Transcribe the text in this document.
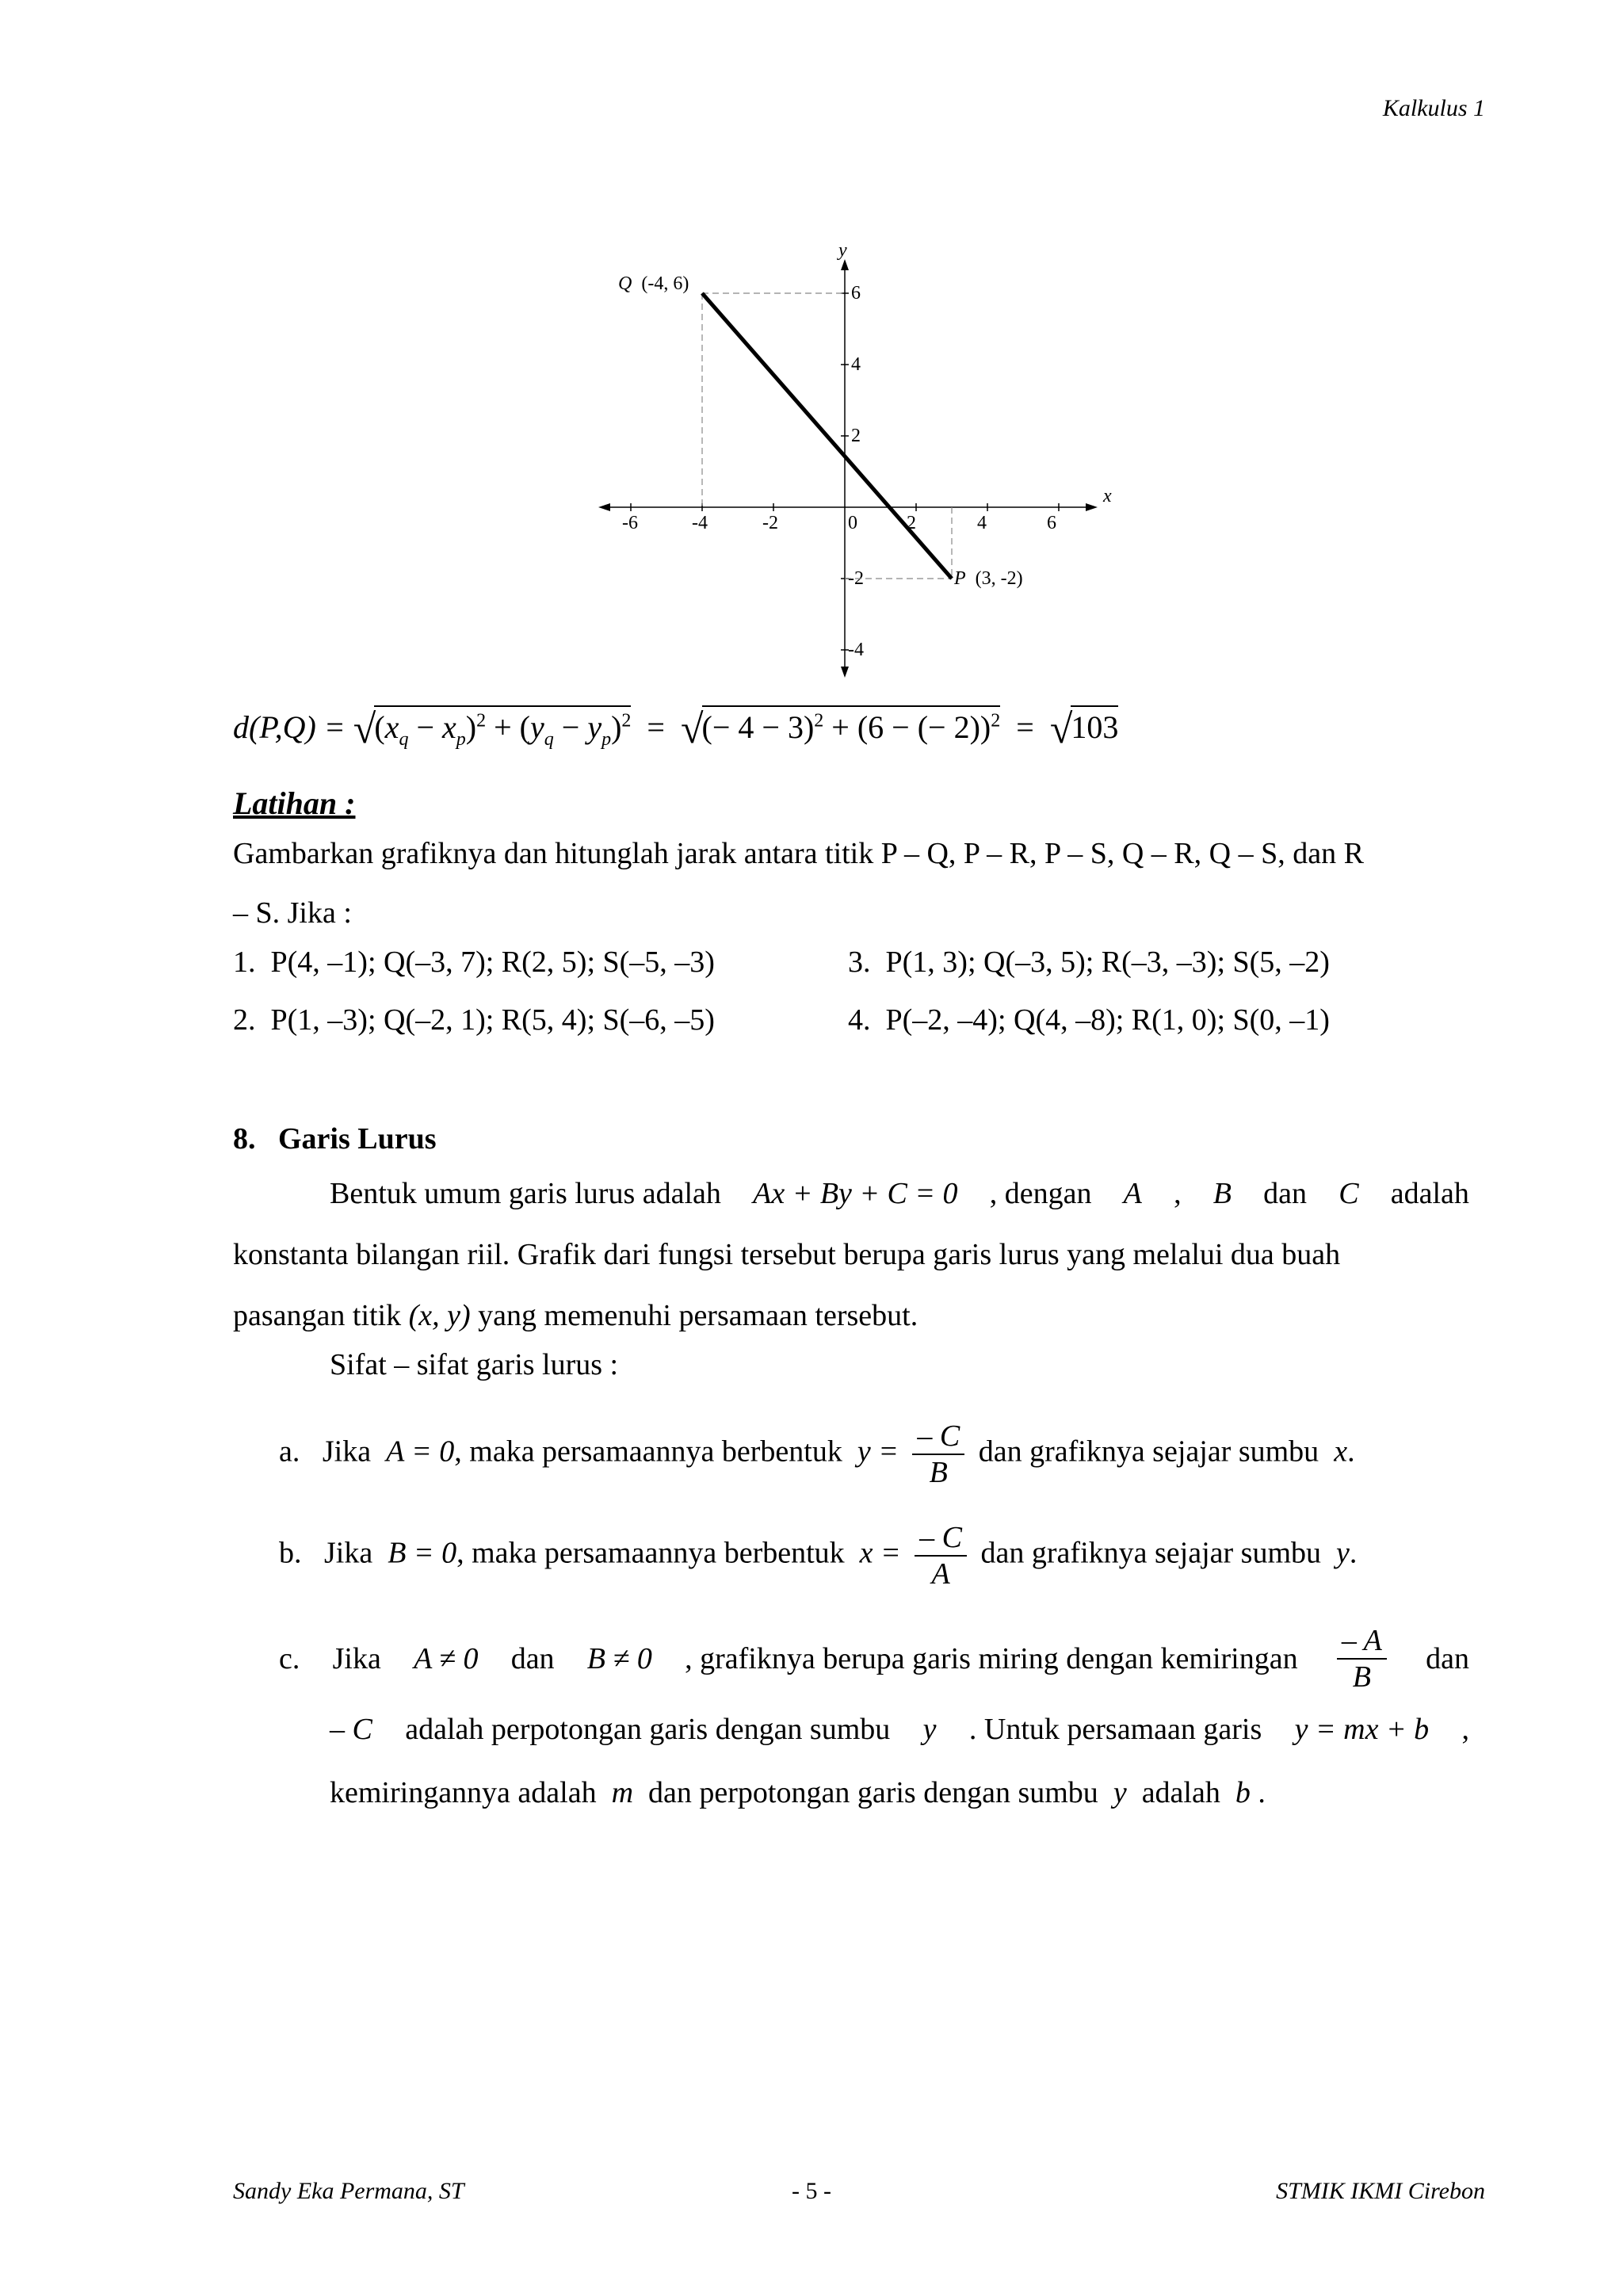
Kalkulus 1
x
y
-6	-4	-2	0	2	4	6
6
4
2
-2
-4
Q (-4, 6)
P (3, -2)
$d(P,Q) = √(x_q - x_p)^2 + (y_q - y_p)^2$  =  √(− 4 − 3)$^2$ + (6 − (− 2))$^2$  =  √103
Latihan :
Gambarkan grafiknya dan hitunglah jarak antara titik P – Q, P – R, P – S, Q – R, Q – S, dan R
– S. Jika :
1. P(4, –1); Q(–3, 7); R(2, 5); S(–5, –3)
2. P(1, –3); Q(–2, 1); R(5, 4); S(–6, –5)
3. P(1, 3); Q(–3, 5); R(–3, –3); S(5, –2)
4. P(–2, –4); Q(4, –8); R(1, 0); S(0, –1)
8.   Garis Lurus
Bentuk umum garis lurus adalah Ax + By + C = 0 , dengan A , B dan C adalah
konstanta bilangan riil. Grafik dari fungsi tersebut berupa garis lurus yang melalui dua buah
pasangan titik (x, y) yang memenuhi persamaan tersebut.
Sifat – sifat garis lurus :
a. Jika A = 0, maka persamaannya berbentuk $y = \frac{- C}{B}$ dan grafiknya sejajar sumbu x.
b. Jika B = 0, maka persamaannya berbentuk $x = \frac{- C}{A}$ dan grafiknya sejajar sumbu y.
c. Jika A ≠ 0 dan B ≠ 0 , grafiknya berupa garis miring dengan kemiringan $\frac{- A}{B}$ dan
– C adalah perpotongan garis dengan sumbu y . Untuk persamaan garis y = mx + b ,
kemiringannya adalah m dan perpotongan garis dengan sumbu y adalah b .
Sandy Eka Permana, ST	- 5 -	STMIK IKMI Cirebon
